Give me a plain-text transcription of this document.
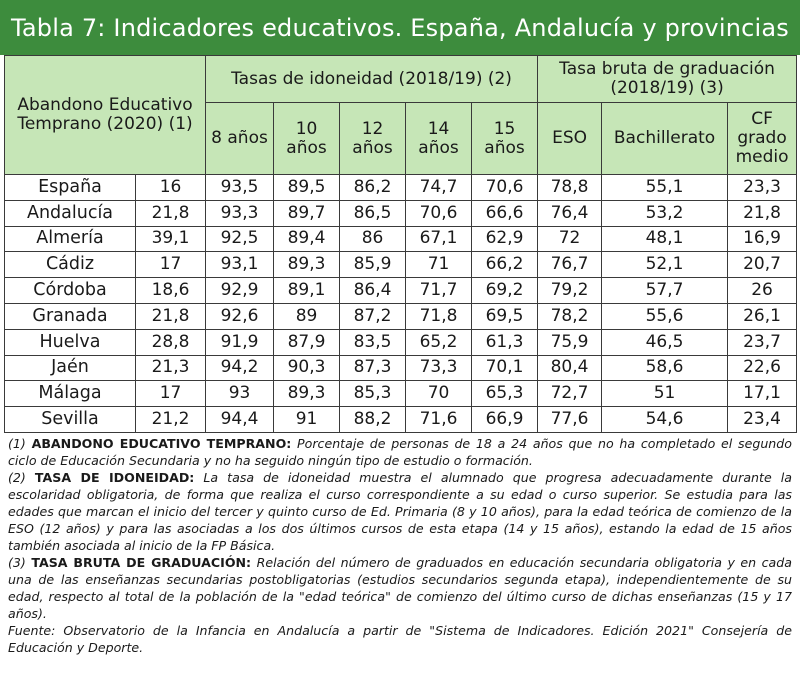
Tabla 7: Indicadores educativos. España, Andalucía y provincias
Abandono Educativo Temprano (2020) (1)		Tasas de idoneidad (2018/19) (2)					Tasa bruta de graduación (2018/19) (3)		
		8 años	10 años	12 años	14 años	15 años	ESO	Bachillerato	CF grado medio
España	16	93,5	89,5	86,2	74,7	70,6	78,8	55,1	23,3
Andalucía	21,8	93,3	89,7	86,5	70,6	66,6	76,4	53,2	21,8
Almería	39,1	92,5	89,4	86	67,1	62,9	72	48,1	16,9
Cádiz	17	93,1	89,3	85,9	71	66,2	76,7	52,1	20,7
Córdoba	18,6	92,9	89,1	86,4	71,7	69,2	79,2	57,7	26
Granada	21,8	92,6	89	87,2	71,8	69,5	78,2	55,6	26,1
Huelva	28,8	91,9	87,9	83,5	65,2	61,3	75,9	46,5	23,7
Jaén	21,3	94,2	90,3	87,3	73,3	70,1	80,4	58,6	22,6
Málaga	17	93	89,3	85,3	70	65,3	72,7	51	17,1
Sevilla	21,2	94,4	91	88,2	71,6	66,9	77,6	54,6	23,4

(1) ABANDONO EDUCATIVO TEMPRANO: Porcentaje de personas de 18 a 24 años que no ha completado el segundo ciclo de Educación Secundaria y no ha seguido ningún tipo de estudio o formación.

(2) TASA DE IDONEIDAD: La tasa de idoneidad muestra el alumnado que progresa adecuadamente durante la escolaridad obligatoria, de forma que realiza el curso correspondiente a su edad o curso superior. Se estudia para las edades que marcan el inicio del tercer y quinto curso de Ed. Primaria (8 y 10 años), para la edad teórica de comienzo de la ESO (12 años) y para las asociadas a los dos últimos cursos de esta etapa (14 y 15 años), estando la edad de 15 años también asociada al inicio de la FP Básica.

(3) TASA BRUTA DE GRADUACIÓN: Relación del número de graduados en educación secundaria obligatoria y en cada una de las enseñanzas secundarias postobligatorias (estudios secundarios segunda etapa), independientemente de su edad, respecto al total de la población de la "edad teórica" de comienzo del último curso de dichas enseñanzas (15 y 17 años).

Fuente: Observatorio de la Infancia en Andalucía a partir de "Sistema de Indicadores. Edición 2021" Consejería de Educación y Deporte.
